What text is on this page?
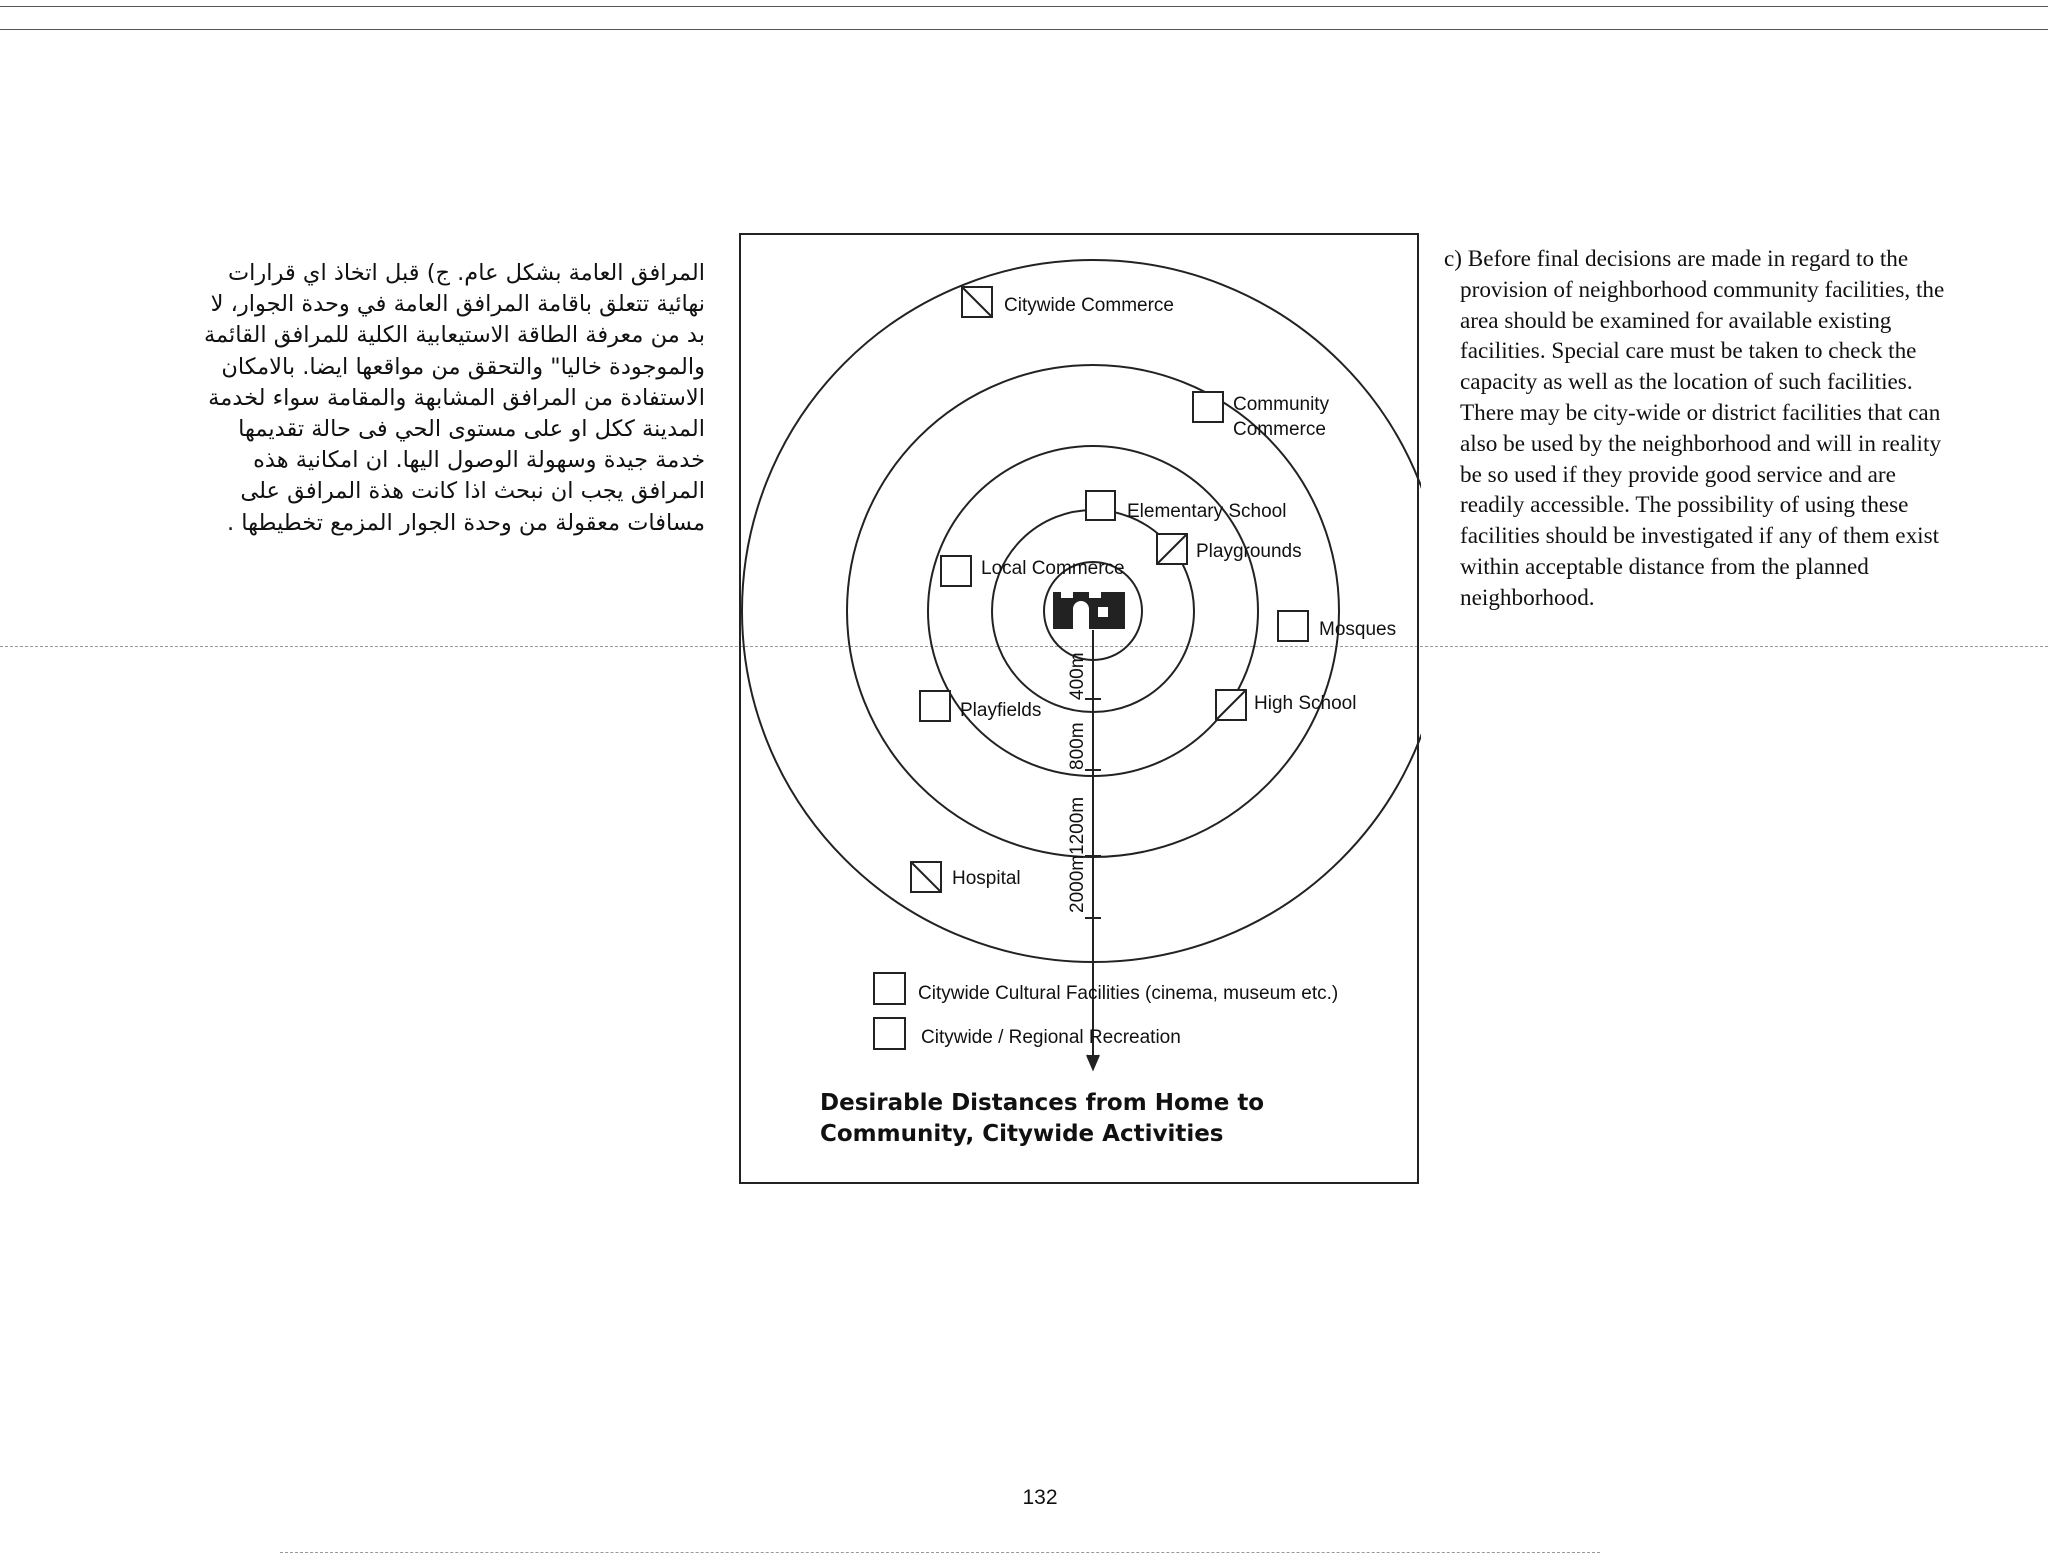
المرافق العامة بشكل عام. ج) قبل اتخاذ اي قرارات نهائية تتعلق باقامة المرافق العامة في وحدة الجوار، لا بد من معرفة الطاقة الاستيعابية الكلية للمرافق القائمة والموجودة خاليا" والتحقق من مواقعها ايضا. بالامكان الاستفادة من المرافق المشابهة والمقامة سواء لخدمة المدينة ككل او على مستوى الحي فى حالة تقديمها خدمة جيدة وسهولة الوصول اليها. ان امكانية هذه المرافق يجب ان نبحث اذا كانت هذة المرافق على مسافات معقولة من وحدة الجوار المزمع تخطيطها .

c) Before final decisions are made in regard to the provision of neighborhood community facilities, the area should be examined for available existing facilities. Special care must be taken to check the capacity as well as the location of such facilities. There may be city-wide or district facilities that can also be used by the neighborhood and will in reality be so used if they provide good service and are readily accessible. The possibility of using these facilities should be investigated if any of them exist within acceptable distance from the planned neighborhood.

400m
800m
1200m
2000m
Citywide Commerce
Community
Commerce
Elementary School
Playgrounds
Local Commerce
Mosques
Playfields	High School
Hospital
Citywide Cultural Facilities (cinema, museum etc.)
Citywide / Regional Recreation
Desirable Distances from Home to
Community, Citywide Activities
132
